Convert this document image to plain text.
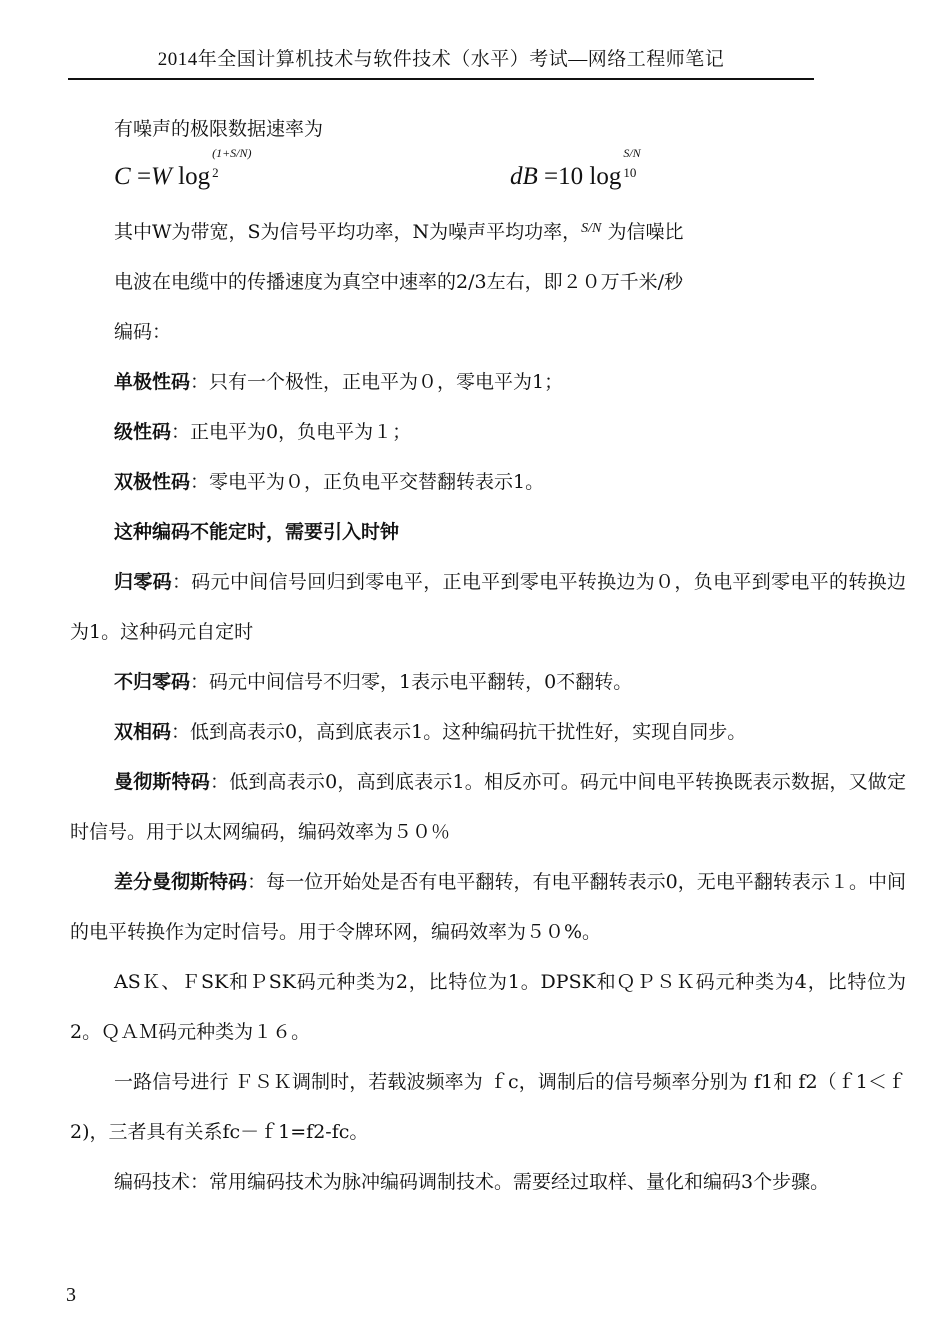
2014年全国计算机技术与软件技术（水平）考试—网络工程师笔记

有噪声的极限数据速率为

C =W log
(1+S/N)
2	dB =10 log
S/N
10

其中W为带宽，S为信号平均功率，N为噪声平均功率，$^{S/N}$ 为信噪比

电波在电缆中的传播速度为真空中速率的2/3左右，即２０万千米/秒

编码：

单极性码：只有一个极性，正电平为０，零电平为1；

级性码：正电平为0，负电平为１；

双极性码：零电平为０，正负电平交替翻转表示1。

这种编码不能定时，需要引入时钟

归零码：码元中间信号回归到零电平，正电平到零电平转换边为０，负电平到零电平的转换边为1。这种码元自定时

不归零码：码元中间信号不归零，1表示电平翻转，0不翻转。

双相码：低到高表示0，高到底表示1。这种编码抗干扰性好，实现自同步。

曼彻斯特码：低到高表示0，高到底表示1。相反亦可。码元中间电平转换既表示数据，又做定时信号。用于以太网编码，编码效率为５０％

差分曼彻斯特码：每一位开始处是否有电平翻转，有电平翻转表示0，无电平翻转表示１。中间的电平转换作为定时信号。用于令牌环网，编码效率为５０%。

ASＫ、ＦSK和ＰSK码元种类为2，比特位为1。DPSK和ＱＰＳＫ码元种类为4，比特位为2。ＱＡＭ码元种类为１６。

一路信号进行 ＦＳＫ调制时，若载波频率为 ｆc，调制后的信号频率分别为 f1和 f2（ｆ1＜ｆ2)，三者具有关系fc－ｆ1=f2-fc。

编码技术：常用编码技术为脉冲编码调制技术。需要经过取样、量化和编码3个步骤。

3
